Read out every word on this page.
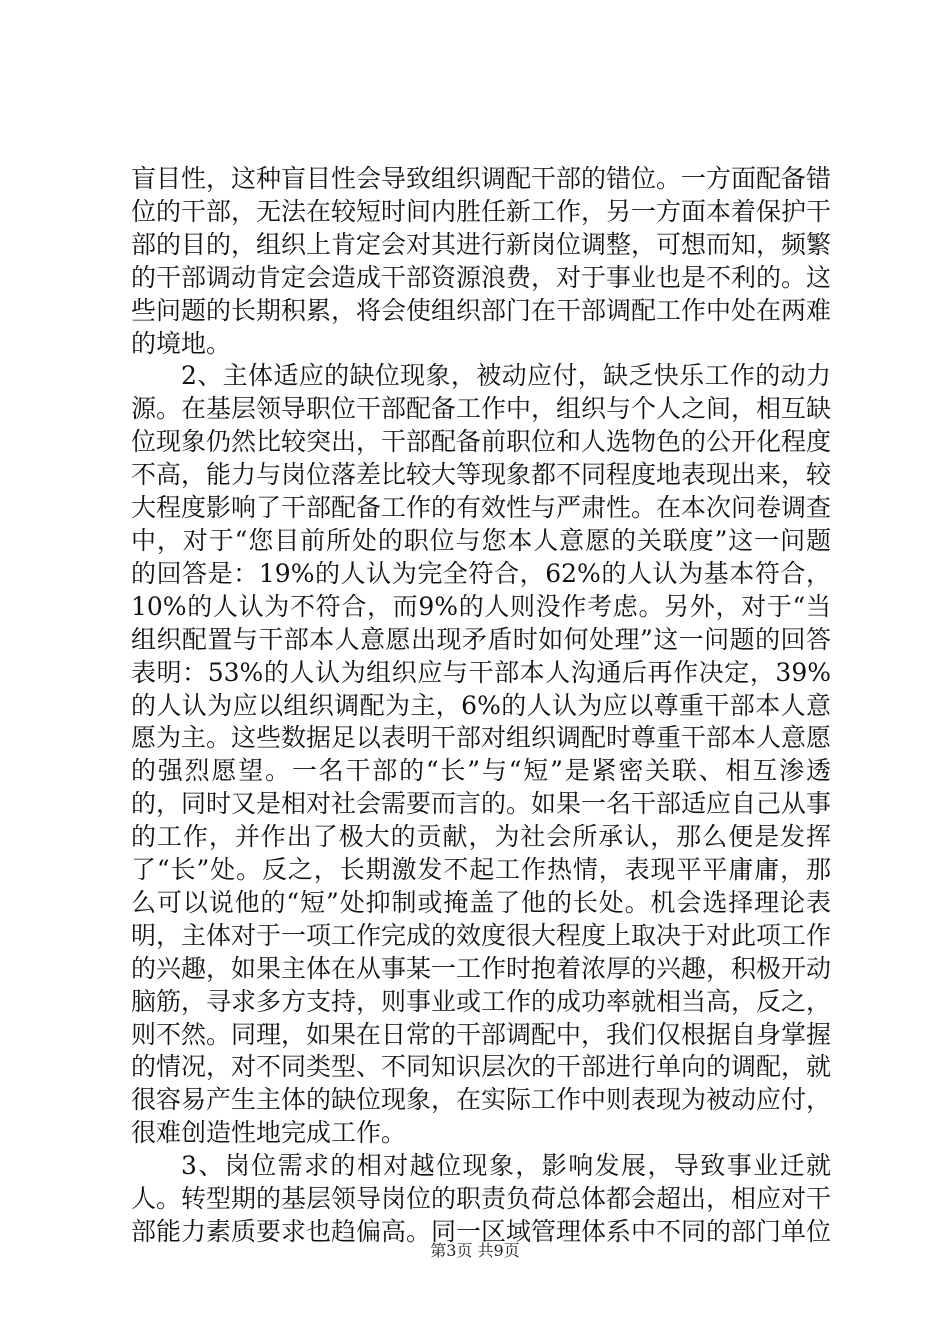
盲目性，这种盲目性会导致组织调配干部的错位。一方面配备错位的干部，无法在较短时间内胜任新工作，另一方面本着保护干部的目的，组织上肯定会对其进行新岗位调整，可想而知，频繁的干部调动肯定会造成干部资源浪费，对于事业也是不利的。这些问题的长期积累，将会使组织部门在干部调配工作中处在两难的境地。

2、主体适应的缺位现象，被动应付，缺乏快乐工作的动力源。在基层领导职位干部配备工作中，组织与个人之间，相互缺位现象仍然比较突出，干部配备前职位和人选物色的公开化程度不高，能力与岗位落差比较大等现象都不同程度地表现出来，较大程度影响了干部配备工作的有效性与严肃性。在本次问卷调查中，对于“您目前所处的职位与您本人意愿的关联度”这一问题的回答是：19%的人认为完全符合，62%的人认为基本符合，10%的人认为不符合，而9%的人则没作考虑。另外，对于“当组织配置与干部本人意愿出现矛盾时如何处理”这一问题的回答表明：53%的人认为组织应与干部本人沟通后再作决定，39%的人认为应以组织调配为主，6%的人认为应以尊重干部本人意愿为主。这些数据足以表明干部对组织调配时尊重干部本人意愿的强烈愿望。一名干部的“长”与“短”是紧密关联、相互渗透的，同时又是相对社会需要而言的。如果一名干部适应自己从事的工作，并作出了极大的贡献，为社会所承认，那么便是发挥了“长”处。反之，长期激发不起工作热情，表现平平庸庸，那么可以说他的“短”处抑制或掩盖了他的长处。机会选择理论表明，主体对于一项工作完成的效度很大程度上取决于对此项工作的兴趣，如果主体在从事某一工作时抱着浓厚的兴趣，积极开动脑筋，寻求多方支持，则事业或工作的成功率就相当高，反之，则不然。同理，如果在日常的干部调配中，我们仅根据自身掌握的情况，对不同类型、不同知识层次的干部进行单向的调配，就很容易产生主体的缺位现象，在实际工作中则表现为被动应付，很难创造性地完成工作。

3、岗位需求的相对越位现象，影响发展，导致事业迁就人。转型期的基层领导岗位的职责负荷总体都会超出，相应对干部能力素质要求也趋偏高。同一区域管理体系中不同的部门单位

第3页 共9页
